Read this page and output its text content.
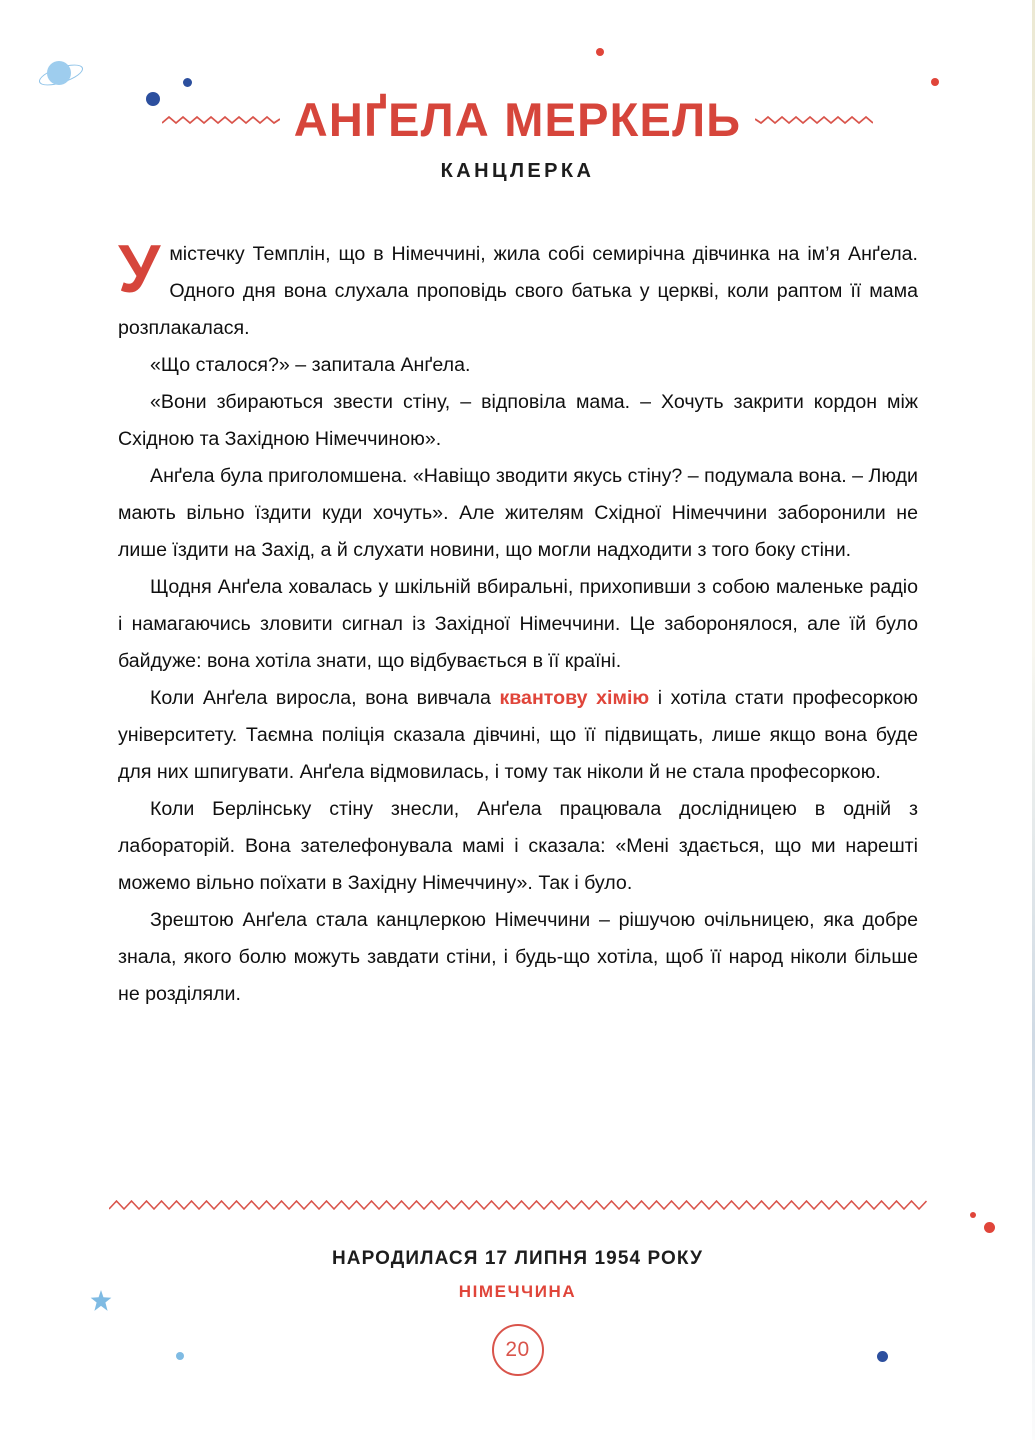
АНҐЕЛА МЕРКЕЛЬ
КАНЦЛЕРКА

Умістечку Темплін, що в Німеччині, жила собі семирічна дівчинка на ім’я Анґела. Одного дня вона слухала проповідь свого батька у церкві, коли раптом її мама розплакалася.

«Що сталося?» – запитала Анґела.

«Вони збираються звести стіну, – відповіла мама. – Хочуть закрити кордон між Східною та Західною Німеччиною».

Анґела була приголомшена. «Навіщо зводити якусь стіну? – подумала вона. – Люди мають вільно їздити куди хочуть». Але жителям Східної Німеччини заборонили не лише їздити на Захід, а й слухати новини, що могли надходити з того боку стіни.

Щодня Анґела ховалась у шкільній вбиральні, прихопивши з собою маленьке радіо і намагаючись зловити сигнал із Західної Німеччини. Це заборонялося, але їй було байдуже: вона хотіла знати, що відбувається в її країні.

Коли Анґела виросла, вона вивчала квантову хімію і хотіла стати професоркою університету. Таємна поліція сказала дівчині, що її підвищать, лише якщо вона буде для них шпигувати. Анґела відмовилась, і тому так ніколи й не стала професоркою.

Коли Берлінську стіну знесли, Анґела працювала дослідницею в одній з лабораторій. Вона зателефонувала мамі і сказала: «Мені здається, що ми нарешті можемо вільно поїхати в Західну Німеччину». Так і було.

Зрештою Анґела стала канцлеркою Німеччини – рішучою очільницею, яка добре знала, якого болю можуть завдати стіни, і будь-що хотіла, щоб її народ ніколи більше не розділяли.

НАРОДИЛАСЯ 17 ЛИПНЯ 1954 РОКУ
НІМЕЧЧИНА
20
